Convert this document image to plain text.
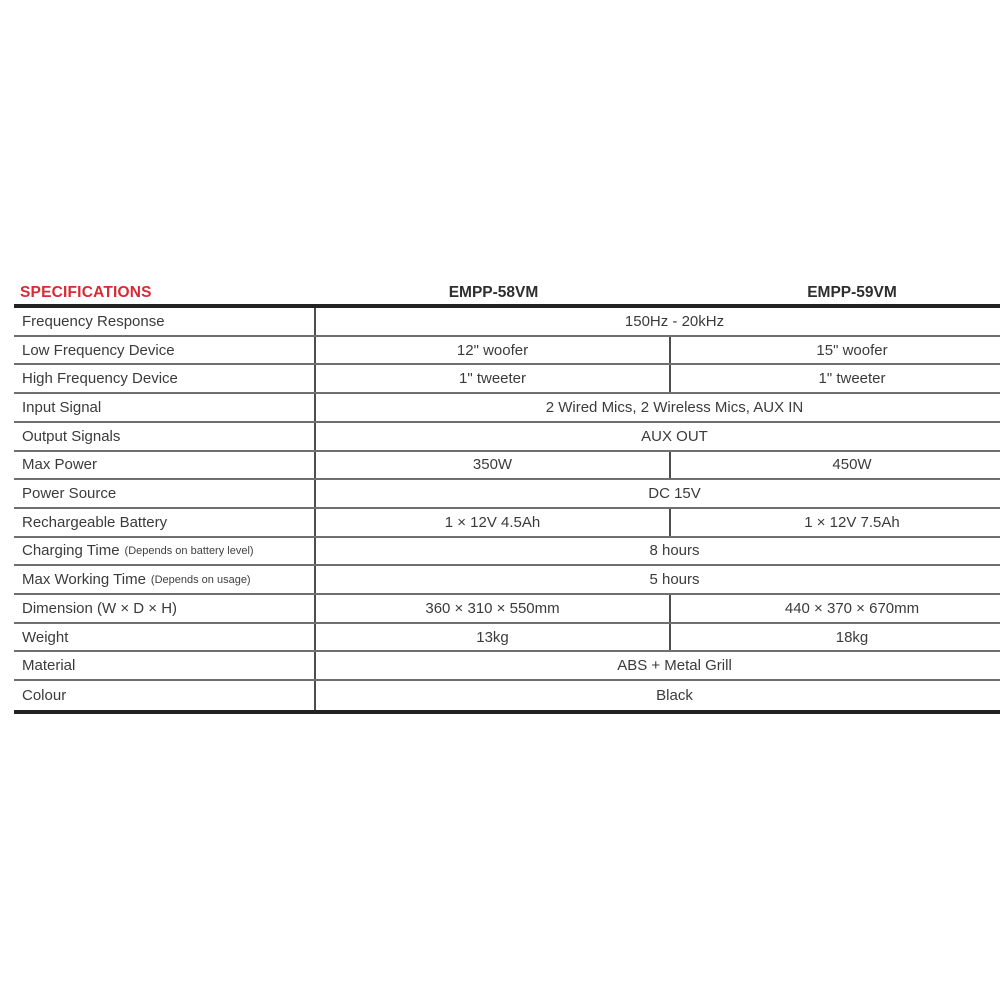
SPECIFICATIONS	EMPP-58VM	EMPP-59VM
Frequency Response	150Hz - 20kHz
Low Frequency Device	12" woofer	15" woofer
High Frequency Device	1" tweeter	1" tweeter
Input Signal	2 Wired Mics, 2 Wireless Mics, AUX IN
Output Signals	AUX OUT
Max Power	350W	450W
Power Source	DC 15V
Rechargeable Battery	1 × 12V 4.5Ah	1 × 12V 7.5Ah
Charging Time (Depends on battery level)	8 hours
Max Working Time (Depends on usage)	5 hours
Dimension (W × D × H)	360 × 310 × 550mm	440 × 370 × 670mm
Weight	13kg	18kg
Material	ABS + Metal Grill
Colour	Black
